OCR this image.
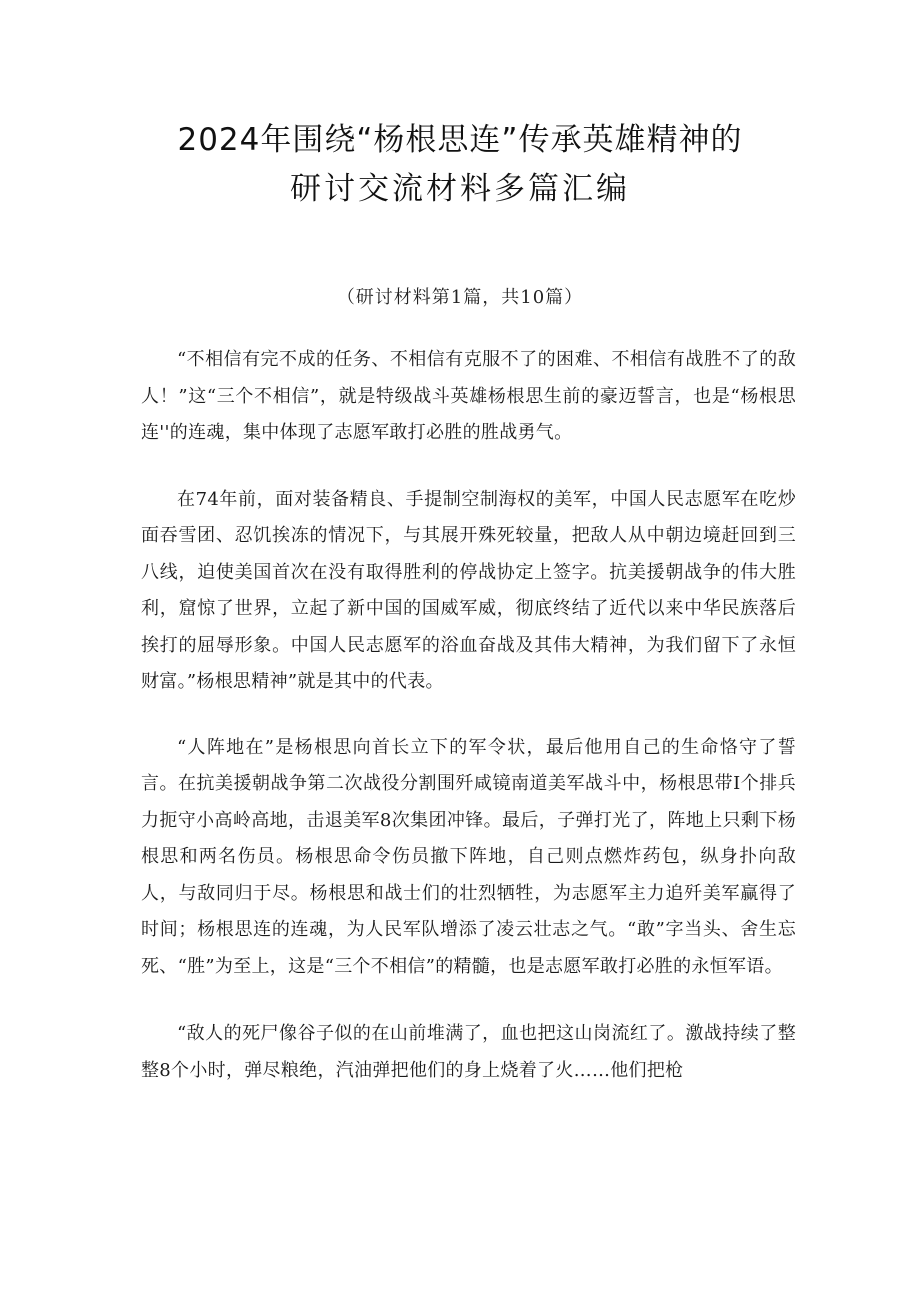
2024年围绕“杨根思连”传承英雄精神的
研讨交流材料多篇汇编
（研讨材料第1篇，共10篇）

“不相信有完不成的任务、不相信有克服不了的困难、不相信有战胜不了的敌人！”这“三个不相信”，就是特级战斗英雄杨根思生前的豪迈誓言，也是“杨根思连''的连魂，集中体现了志愿军敢打必胜的胜战勇气。

在74年前，面对装备精良、手提制空制海权的美军，中国人民志愿军在吃炒面吞雪团、忍饥挨冻的情况下，与其展开殊死较量，把敌人从中朝边境赶回到三八线，迫使美国首次在没有取得胜利的停战协定上签字。抗美援朝战争的伟大胜利，窟惊了世界，立起了新中国的国威军威，彻底终结了近代以来中华民族落后挨打的屈辱形象。中国人民志愿军的浴血奋战及其伟大精神，为我们留下了永恒财富。”杨根思精神”就是其中的代表。

“人阵地在”是杨根思向首长立下的军令状，最后他用自己的生命恪守了誓言。在抗美援朝战争第二次战役分割围歼咸镜南道美军战斗中，杨根思带I个排兵力扼守小高岭高地，击退美军8次集团冲锋。最后，子弹打光了，阵地上只剩下杨根思和两名伤员。杨根思命令伤员撤下阵地，自己则点燃炸药包，纵身扑向敌人，与敌同归于尽。杨根思和战士们的壮烈牺牲，为志愿军主力追歼美军赢得了时间；杨根思连的连魂，为人民军队增添了凌云壮志之气。“敢”字当头、舍生忘死、“胜”为至上，这是“三个不相信”的精髓，也是志愿军敢打必胜的永恒军语。

“敌人的死尸像谷子似的在山前堆满了，血也把这山岗流红了。激战持续了整整8个小时，弹尽粮绝，汽油弹把他们的身上烧着了火……他们把枪
